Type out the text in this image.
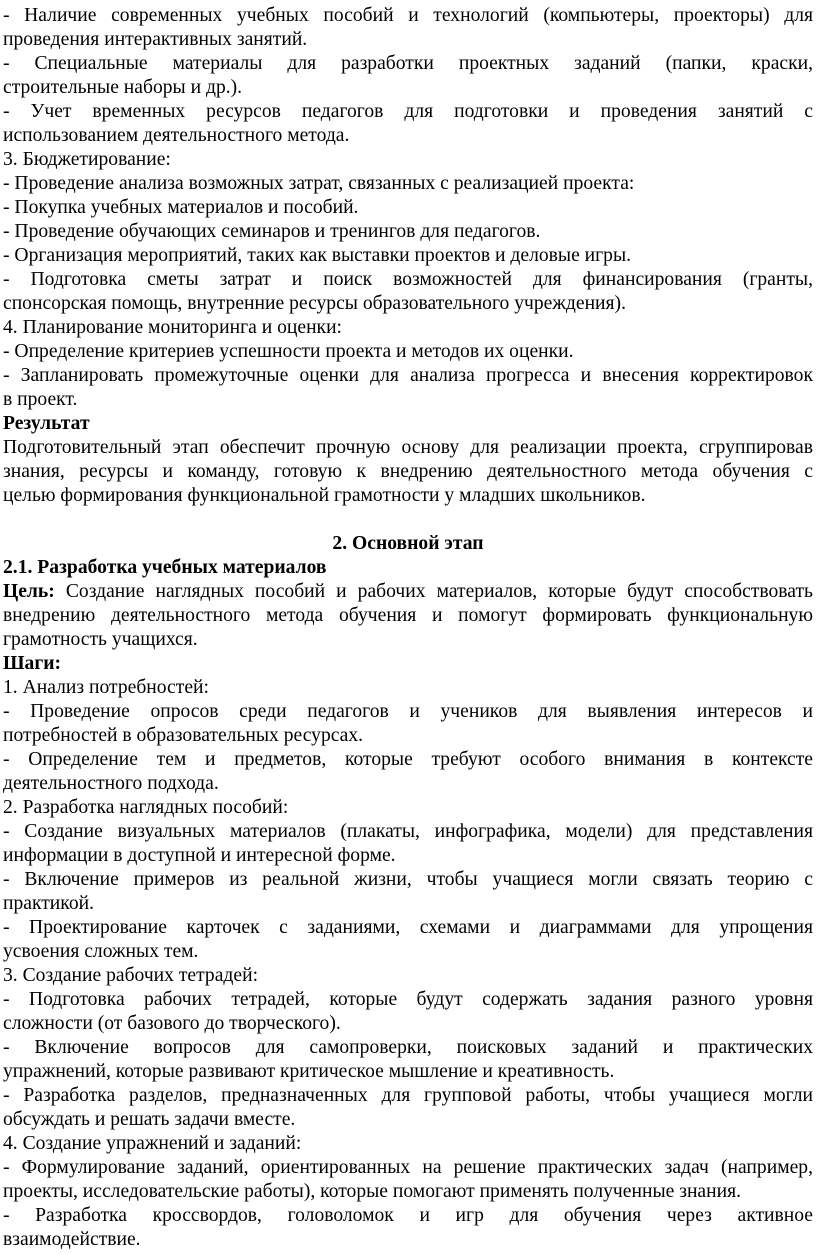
- Наличие современных учебных пособий и технологий (компьютеры, проекторы) для
проведения интерактивных занятий.
- Специальные материалы для разработки проектных заданий (папки, краски,
строительные наборы и др.).
- Учет временных ресурсов педагогов для подготовки и проведения занятий с
использованием деятельностного метода.
3. Бюджетирование:
- Проведение анализа возможных затрат, связанных с реализацией проекта:
- Покупка учебных материалов и пособий.
- Проведение обучающих семинаров и тренингов для педагогов.
- Организация мероприятий, таких как выставки проектов и деловые игры.
- Подготовка сметы затрат и поиск возможностей для финансирования (гранты,
спонсорская помощь, внутренние ресурсы образовательного учреждения).
4. Планирование мониторинга и оценки:
- Определение критериев успешности проекта и методов их оценки.
- Запланировать промежуточные оценки для анализа прогресса и внесения корректировок
в проект.
Результат
Подготовительный этап обеспечит прочную основу для реализации проекта, сгруппировав
знания, ресурсы и команду, готовую к внедрению деятельностного метода обучения с
целью формирования функциональной грамотности у младших школьников.
2. Основной этап
2.1. Разработка учебных материалов
Цель: Создание наглядных пособий и рабочих материалов, которые будут способствовать
внедрению деятельностного метода обучения и помогут формировать функциональную
грамотность учащихся.
Шаги:
1. Анализ потребностей:
- Проведение опросов среди педагогов и учеников для выявления интересов и
потребностей в образовательных ресурсах.
- Определение тем и предметов, которые требуют особого внимания в контексте
деятельностного подхода.
2. Разработка наглядных пособий:
- Создание визуальных материалов (плакаты, инфографика, модели) для представления
информации в доступной и интересной форме.
- Включение примеров из реальной жизни, чтобы учащиеся могли связать теорию с
практикой.
- Проектирование карточек с заданиями, схемами и диаграммами для упрощения
усвоения сложных тем.
3. Создание рабочих тетрадей:
- Подготовка рабочих тетрадей, которые будут содержать задания разного уровня
сложности (от базового до творческого).
- Включение вопросов для самопроверки, поисковых заданий и практических
упражнений, которые развивают критическое мышление и креативность.
- Разработка разделов, предназначенных для групповой работы, чтобы учащиеся могли
обсуждать и решать задачи вместе.
4. Создание упражнений и заданий:
- Формулирование заданий, ориентированных на решение практических задач (например,
проекты, исследовательские работы), которые помогают применять полученные знания.
- Разработка кроссвордов, головоломок и игр для обучения через активное
взаимодействие.
